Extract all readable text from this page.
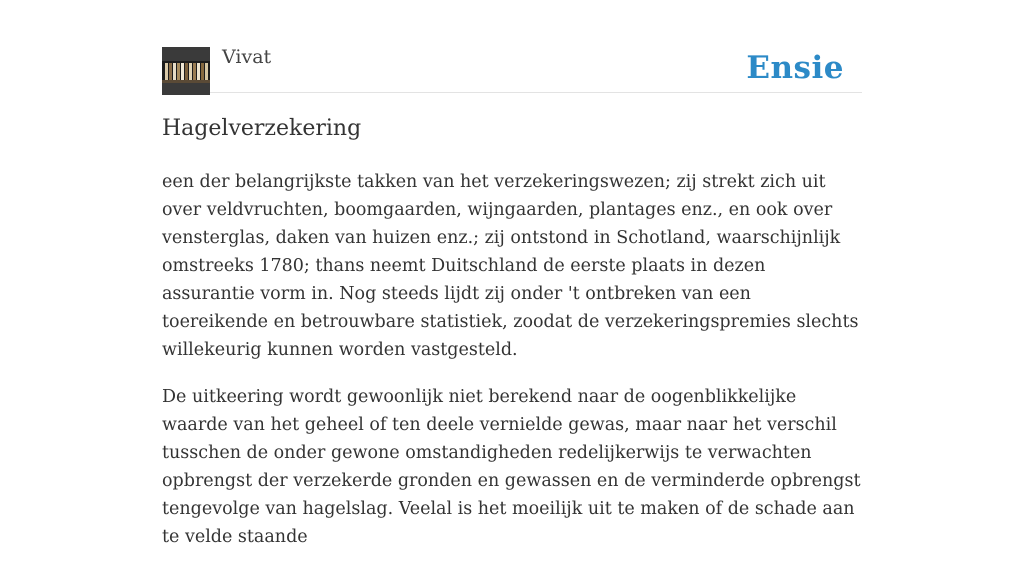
Vivat	Ensie
Hagelverzekering

een der belangrijkste takken van het verzekeringswezen; zij strekt zich uit over veldvruchten, boomgaarden, wijngaarden, plantages enz., en ook over vensterglas, daken van huizen enz.; zij ontstond in Schotland, waarschijnlijk omstreeks 1780; thans neemt Duitschland de eerste plaats in dezen assurantie vorm in. Nog steeds lijdt zij onder 't ontbreken van een toereikende en betrouwbare statistiek, zoodat de verzekeringspremies slechts willekeurig kunnen worden vastgesteld.

De uitkeering wordt gewoonlijk niet berekend naar de oogenblikkelijke waarde van het geheel of ten deele vernielde gewas, maar naar het verschil tusschen de onder gewone omstandigheden redelijkerwijs te verwachten opbrengst der verzekerde gronden en gewassen en de verminderde opbrengst tengevolge van hagelslag. Veelal is het moeilijk uit te maken of de schade aan te velde staande
